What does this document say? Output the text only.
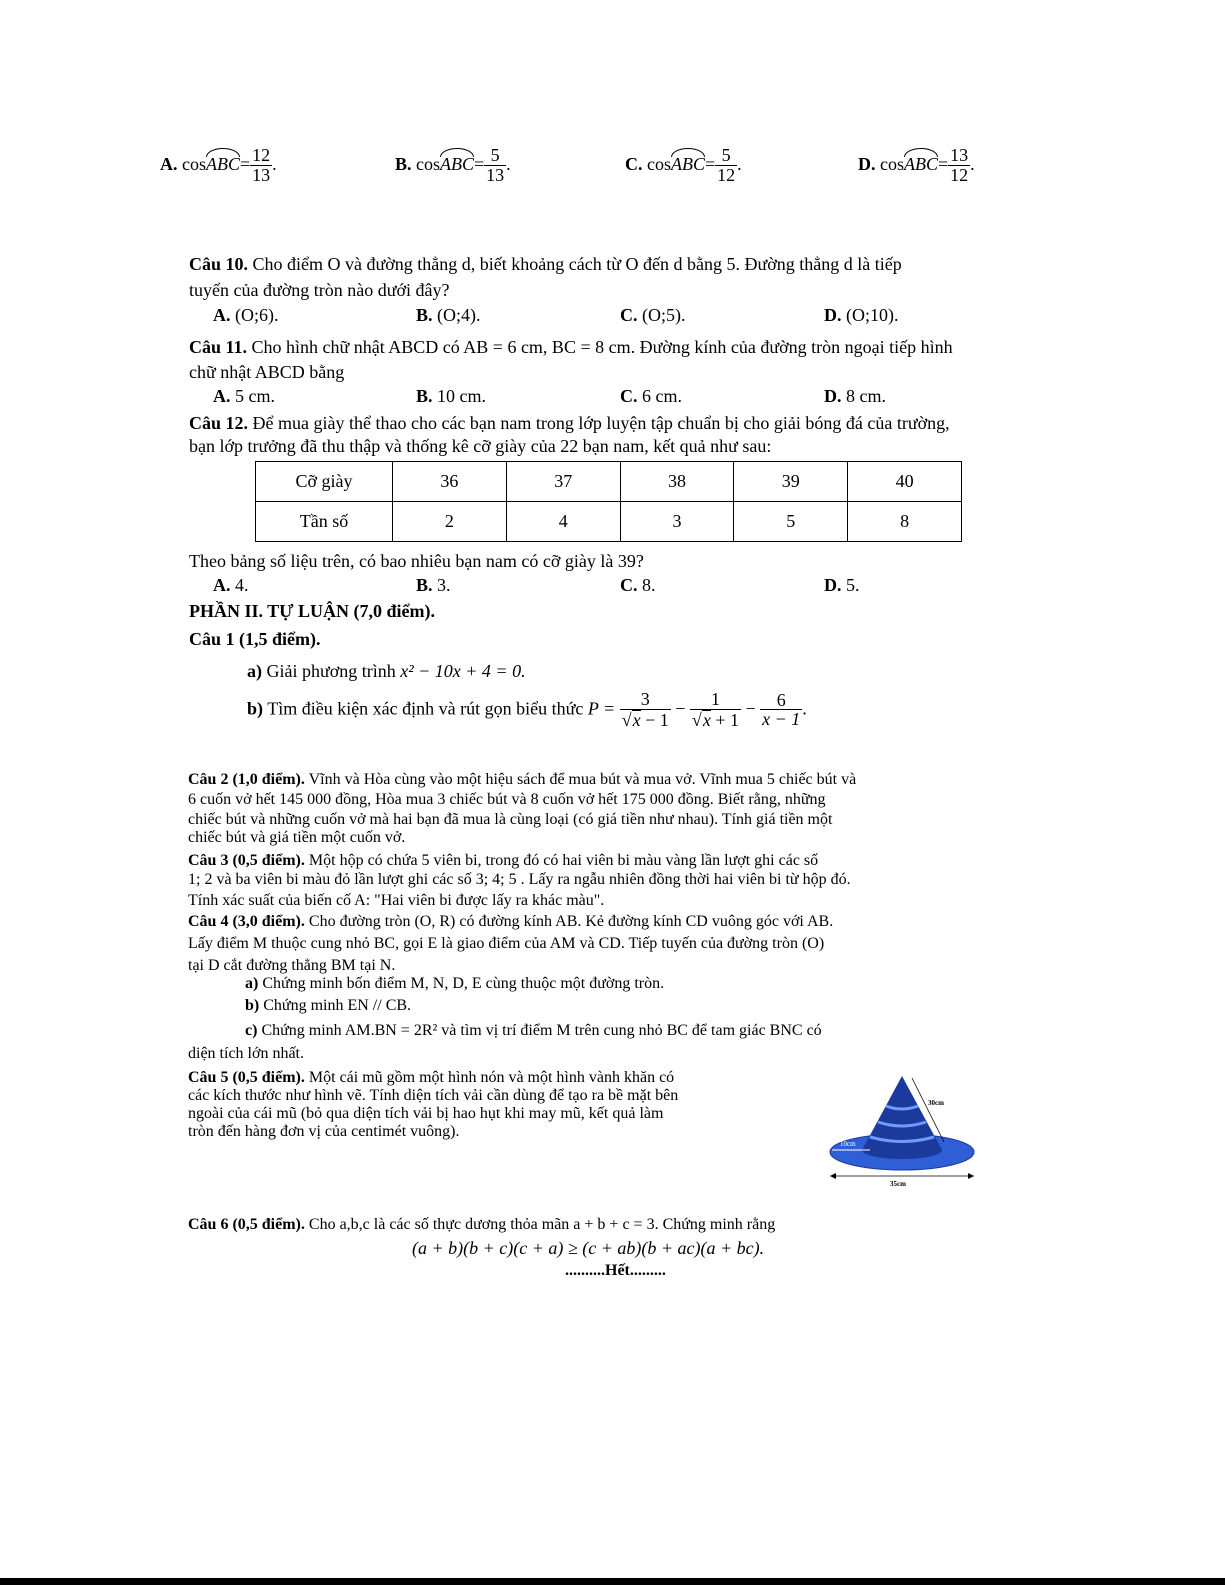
A. cosABC= $\frac{12}{13}$ .	B. cosABC= $\frac{5}{13}$ .	C. cosABC= $\frac{5}{12}$ .	D. cosABC= $\frac{13}{12}$ .
Câu 10. Cho điểm O và đường thẳng d, biết khoảng cách từ O đến d bằng 5. Đường thẳng d là tiếp
tuyến của đường tròn nào dưới đây?
A. (O;6).	B. (O;4).	C. (O;5).	D. (O;10).
Câu 11. Cho hình chữ nhật ABCD có AB = 6 cm, BC = 8 cm. Đường kính của đường tròn ngoại tiếp hình
chữ nhật ABCD bằng
A. 5 cm.	B. 10 cm.	C. 6 cm.	D. 8 cm.
Câu 12. Để mua giày thể thao cho các bạn nam trong lớp luyện tập chuẩn bị cho giải bóng đá của trường,
bạn lớp trưởng đã thu thập và thống kê cỡ giày của 22 bạn nam, kết quả như sau:
Cỡ giày	36	37	38	39	40
Tần số	2	4	3	5	8
Theo bảng số liệu trên, có bao nhiêu bạn nam có cỡ giày là 39?
A. 4.	B. 3.	C. 8.	D. 5.
PHẦN II. TỰ LUẬN (7,0 điểm).
Câu 1 (1,5 điểm).
a) Giải phương trình x² − 10x + 4 = 0.
b) Tìm điều kiện xác định và rút gọn biểu thức $P = \frac{3}{√x - 1} - \frac{1}{√x + 1} - \frac{6}{x - 1}$ .
Câu 2 (1,0 điểm). Vĩnh và Hòa cùng vào một hiệu sách để mua bút và mua vở. Vĩnh mua 5 chiếc bút và
6 cuốn vở hết 145 000 đồng, Hòa mua 3 chiếc bút và 8 cuốn vở hết 175 000 đồng. Biết rằng, những
chiếc bút và những cuốn vở mà hai bạn đã mua là cùng loại (có giá tiền như nhau). Tính giá tiền một
chiếc bút và giá tiền một cuốn vở.
Câu 3 (0,5 điểm). Một hộp có chứa 5 viên bi, trong đó có hai viên bi màu vàng lần lượt ghi các số
1; 2 và ba viên bi màu đỏ lần lượt ghi các số 3; 4; 5 . Lấy ra ngẫu nhiên đồng thời hai viên bi từ hộp đó.
Tính xác suất của biến cố A: "Hai viên bi được lấy ra khác màu".
Câu 4 (3,0 điểm). Cho đường tròn (O, R) có đường kính AB. Kẻ đường kính CD vuông góc với AB.
Lấy điểm M thuộc cung nhỏ BC, gọi E là giao điểm của AM và CD. Tiếp tuyến của đường tròn (O)
tại D cắt đường thẳng BM tại N.
a) Chứng minh bốn điểm M, N, D, E cùng thuộc một đường tròn.
b) Chứng minh EN // CB.
c) Chứng minh AM.BN = 2R² và tìm vị trí điểm M trên cung nhỏ BC để tam giác BNC có
diện tích lớn nhất.
Câu 5 (0,5 điểm). Một cái mũ gồm một hình nón và một hình vành khăn có
các kích thước như hình vẽ. Tính diện tích vải cần dùng để tạo ra bề mặt bên
ngoài của cái mũ (bỏ qua diện tích vải bị hao hụt khi may mũ, kết quả làm
tròn đến hàng đơn vị của centimét vuông).
30cm
10cm
35cm
Câu 6 (0,5 điểm). Cho a,b,c là các số thực dương thỏa mãn a + b + c = 3. Chứng minh rằng
(a + b)(b + c)(c + a) ≥ (c + ab)(b + ac)(a + bc).
..........Hết.........
